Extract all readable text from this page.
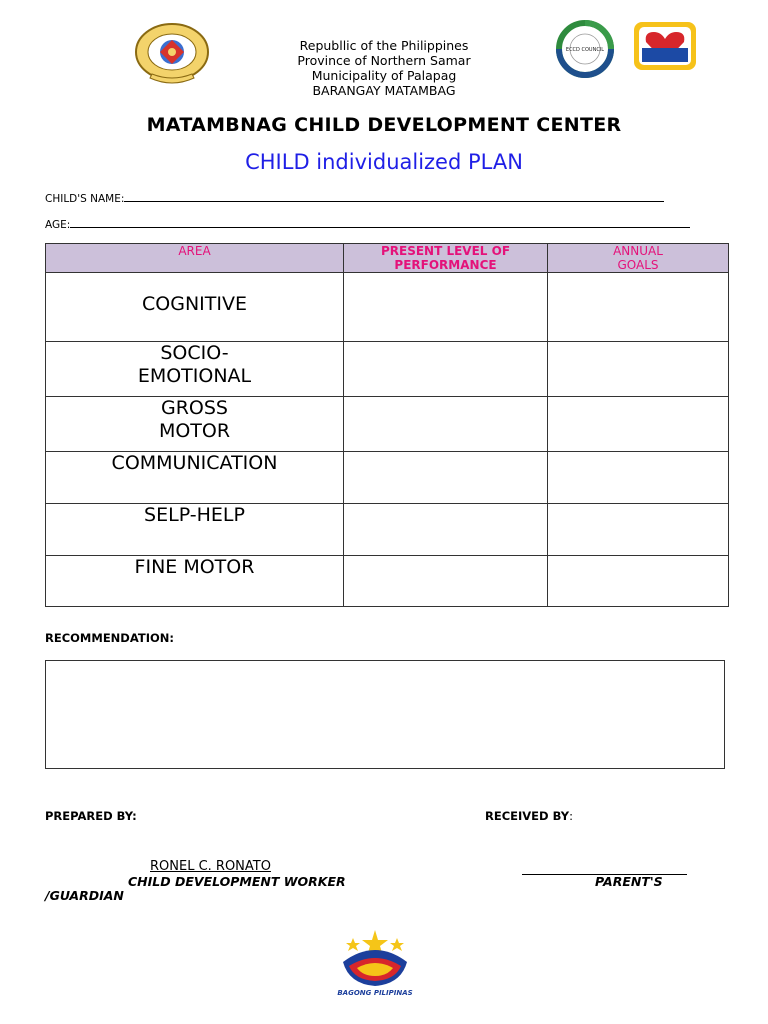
Republlic of the Philippines
Province of Northern Samar
Municipality of Palapag
BARANGAY MATAMBAG
ECCD COUNCIL
MATAMBNAG CHILD DEVELOPMENT CENTER
CHILD individualized PLAN
CHILD'S NAME:
AGE:
AREA	PRESENT LEVEL OF PERFORMANCE	ANNUAL GOALS

COGNITIVE		

SOCIO-
EMOTIONAL		

GROSS
MOTOR		

COMMUNICATION		

SELP-HELP		

FINE MOTOR		

RECOMMENDATION:
PREPARED BY:	RECEIVED BY:
RONEL C. RONATO
CHILD DEVELOPMENT WORKER	PARENT'S
/GUARDIAN
BAGONG PILIPINAS
